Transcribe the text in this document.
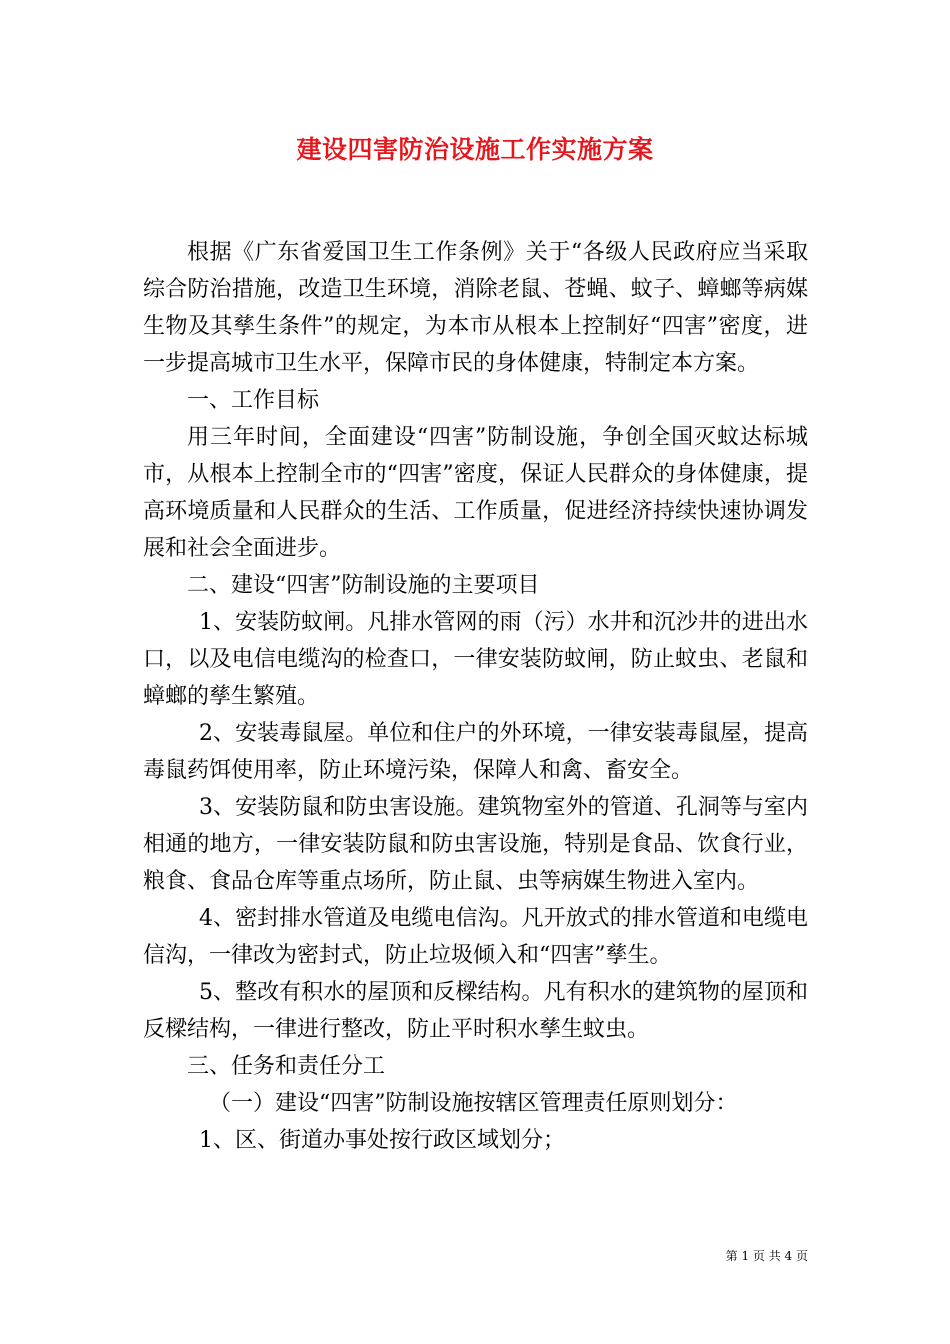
建设四害防治设施工作实施方案

根据《广东省爱国卫生工作条例》关于“各级人民政府应当采取综合防治措施，改造卫生环境，消除老鼠、苍蝇、蚊子、蟑螂等病媒生物及其孳生条件”的规定，为本市从根本上控制好“四害”密度，进一步提高城市卫生水平，保障市民的身体健康，特制定本方案。

一、工作目标

用三年时间，全面建设“四害”防制设施，争创全国灭蚊达标城市，从根本上控制全市的“四害”密度，保证人民群众的身体健康，提高环境质量和人民群众的生活、工作质量，促进经济持续快速协调发展和社会全面进步。

二、建设“四害”防制设施的主要项目

1、安装防蚊闸。凡排水管网的雨（污）水井和沉沙井的进出水口，以及电信电缆沟的检查口，一律安装防蚊闸，防止蚊虫、老鼠和蟑螂的孳生繁殖。

2、安装毒鼠屋。单位和住户的外环境，一律安装毒鼠屋，提高毒鼠药饵使用率，防止环境污染，保障人和禽、畜安全。

3、安装防鼠和防虫害设施。建筑物室外的管道、孔洞等与室内相通的地方，一律安装防鼠和防虫害设施，特别是食品、饮食行业，粮食、食品仓库等重点场所，防止鼠、虫等病媒生物进入室内。

4、密封排水管道及电缆电信沟。凡开放式的排水管道和电缆电信沟，一律改为密封式，防止垃圾倾入和“四害”孳生。

5、整改有积水的屋顶和反樑结构。凡有积水的建筑物的屋顶和反樑结构，一律进行整改，防止平时积水孳生蚊虫。

三、任务和责任分工

（一）建设“四害”防制设施按辖区管理责任原则划分：

1、区、街道办事处按行政区域划分；

第 1 页 共 4 页
